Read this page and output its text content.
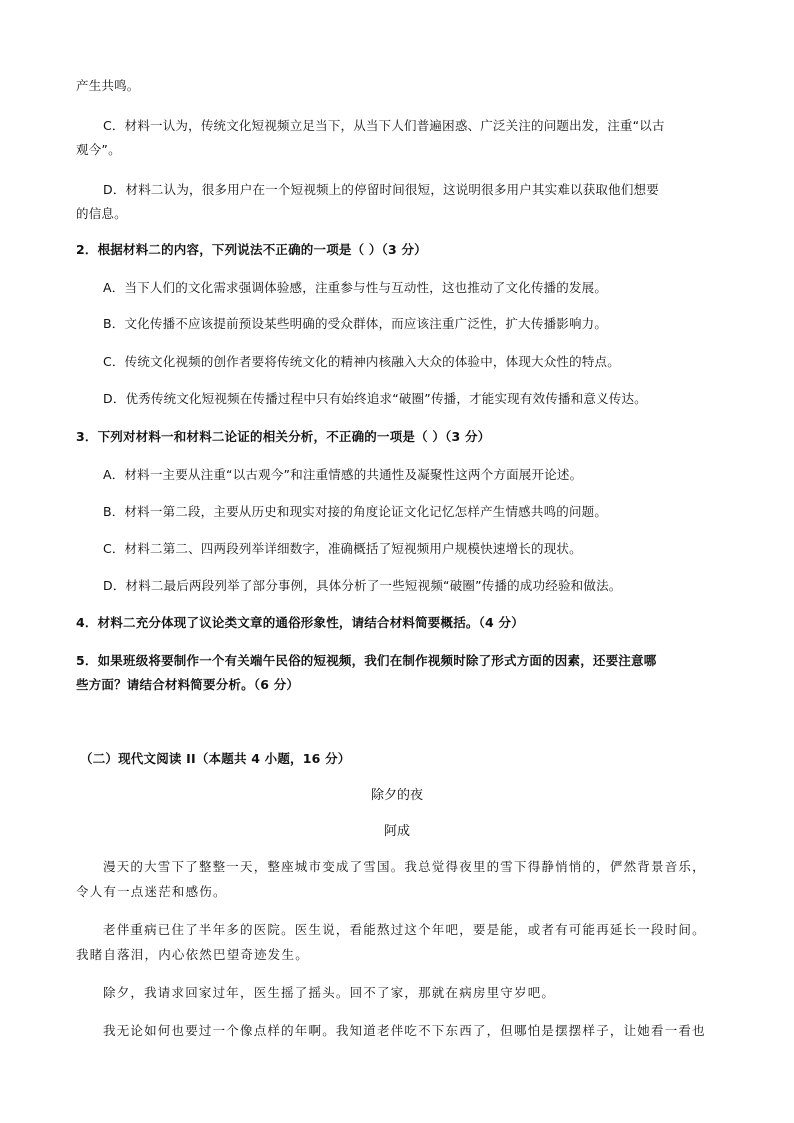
产生共鸣。
C．材料一认为，传统文化短视频立足当下，从当下人们普遍困惑、广泛关注的问题出发，注重“以古
观今”。
D．材料二认为，很多用户在一个短视频上的停留时间很短，这说明很多用户其实难以获取他们想要
的信息。
2．根据材料二的内容，下列说法不正确的一项是（ ）（3 分）
A．当下人们的文化需求强调体验感，注重参与性与互动性，这也推动了文化传播的发展。
B．文化传播不应该提前预设某些明确的受众群体，而应该注重广泛性，扩大传播影响力。
C．传统文化视频的创作者要将传统文化的精神内核融入大众的体验中，体现大众性的特点。
D．优秀传统文化短视频在传播过程中只有始终追求“破圈”传播，才能实现有效传播和意义传达。
3．下列对材料一和材料二论证的相关分析，不正确的一项是（ ）（3 分）
A．材料一主要从注重“以古观今”和注重情感的共通性及凝聚性这两个方面展开论述。
B．材料一第二段，主要从历史和现实对接的角度论证文化记忆怎样产生情感共鸣的问题。
C．材料二第二、四两段列举详细数字，准确概括了短视频用户规模快速增长的现状。
D．材料二最后两段列举了部分事例，具体分析了一些短视频“破圈”传播的成功经验和做法。
4．材料二充分体现了议论类文章的通俗形象性，请结合材料简要概括。（4 分）
5．如果班级将要制作一个有关端午民俗的短视频，我们在制作视频时除了形式方面的因素，还要注意哪
些方面？请结合材料简要分析。（6 分）
（二）现代文阅读 II（本题共 4 小题，16 分）
除夕的夜
阿成
漫天的大雪下了整整一天，整座城市变成了雪国。我总觉得夜里的雪下得静悄悄的，俨然背景音乐，
令人有一点迷茫和感伤。
老伴重病已住了半年多的医院。医生说，看能熬过这个年吧，要是能，或者有可能再延长一段时间。
我睹自落泪，内心依然巴望奇迹发生。
除夕，我请求回家过年，医生摇了摇头。回不了家，那就在病房里守岁吧。
我无论如何也要过一个像点样的年啊。我知道老伴吃不下东西了，但哪怕是摆摆样子，让她看一看也
